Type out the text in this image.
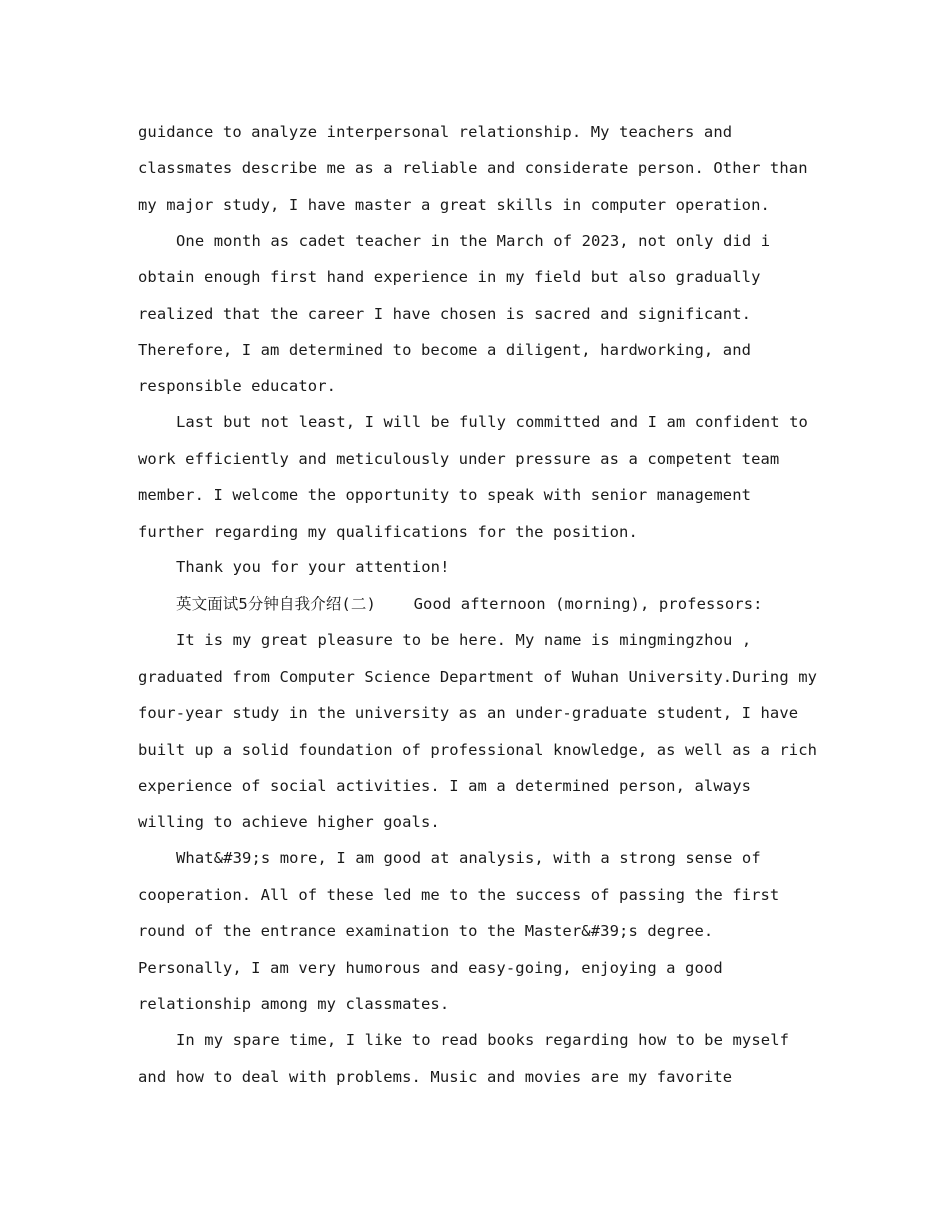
guidance to analyze interpersonal relationship. My teachers and
classmates describe me as a reliable and considerate person. Other than
my major study, I have master a great skills in computer operation.
One month as cadet teacher in the March of 2023, not only did i
obtain enough first hand experience in my field but also gradually
realized that the career I have chosen is sacred and significant.
Therefore, I am determined to become a diligent, hardworking, and
responsible educator.
Last but not least, I will be fully committed and I am confident to
work efficiently and meticulously under pressure as a competent team
member. I welcome the opportunity to speak with senior management
further regarding my qualifications for the position.
Thank you for your attention!
英文面试5分钟自我介绍(二)    Good afternoon (morning), professors:
It is my great pleasure to be here. My name is mingmingzhou ,
graduated from Computer Science Department of Wuhan University.During my
four-year study in the university as an under-graduate student, I have
built up a solid foundation of professional knowledge, as well as a rich
experience of social activities. I am a determined person, always
willing to achieve higher goals.
What&#39;s more, I am good at analysis, with a strong sense of
cooperation. All of these led me to the success of passing the first
round of the entrance examination to the Master&#39;s degree.
Personally, I am very humorous and easy-going, enjoying a good
relationship among my classmates.
In my spare time, I like to read books regarding how to be myself
and how to deal with problems. Music and movies are my favorite
